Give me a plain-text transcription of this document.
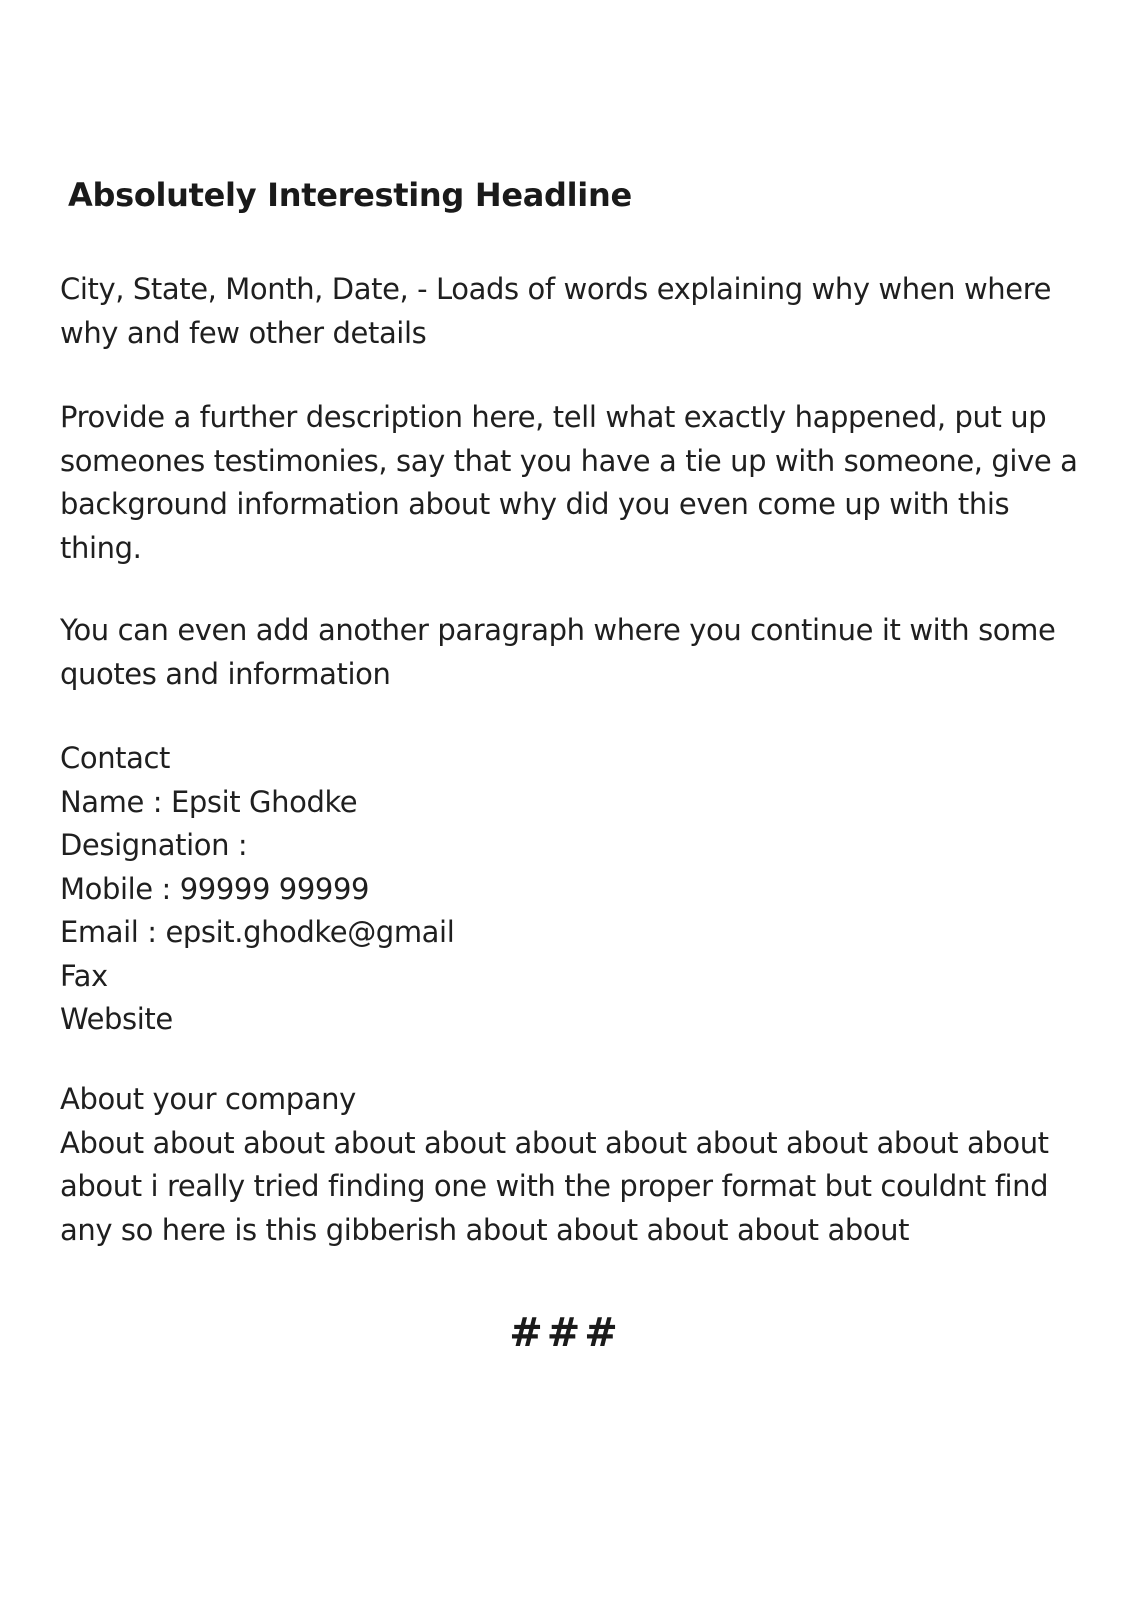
Absolutely Interesting Headline

City, State, Month, Date, - Loads of words explaining why when where
why and few other details

Provide a further description here, tell what exactly happened, put up
someones testimonies, say that you have a tie up with someone, give a
background information about why did you even come up with this
thing.

You can even add another paragraph where you continue it with some
quotes and information

Contact
Name : Epsit Ghodke
Designation :
Mobile : 99999 99999
Email : epsit.ghodke@gmail
Fax
Website
About your company
About about about about about about about about about about about
about i really tried finding one with the proper format but couldnt find
any so here is this gibberish about about about about about

###
